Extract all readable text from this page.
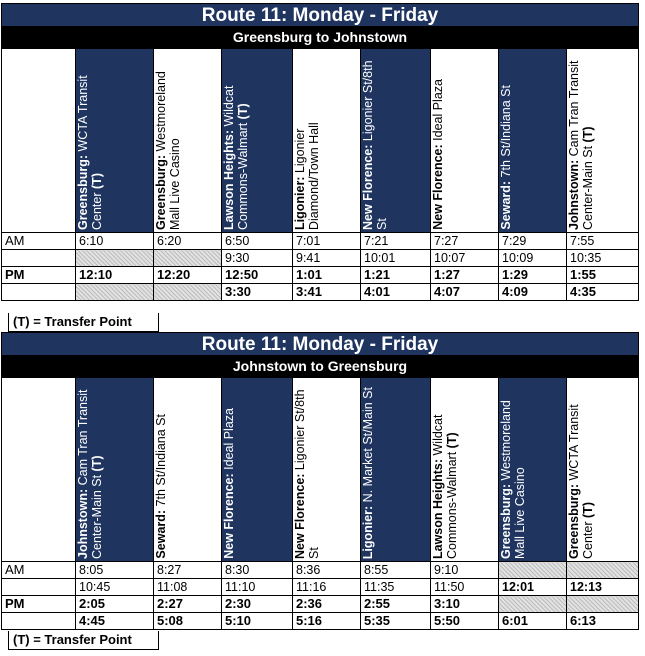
Route 11: Monday - Friday
Greensburg to Johnstown

	Greensburg: WCTA Transit Center (T)	Greensburg: Westmoreland Mall Live Casino	Lawson Heights: Wildcat Commons-Walmart (T)	Ligonier: Ligonier Diamond/Town Hall	New Florence: Ligonier St/8th St	New Florence: Ideal Plaza	Seward: 7th St/Indiana St	Johnstown: Cam Tran Transit Center-Main St (T)

AM	6:10	6:20	6:50	7:01	7:21	7:27	7:29	7:55
			9:30	9:41	10:01	10:07	10:09	10:35
PM	12:10	12:20	12:50	1:01	1:21	1:27	1:29	1:55
			3:30	3:41	4:01	4:07	4:09	4:35
(T) = Transfer Point
Route 11: Monday - Friday
Johnstown to Greensburg

	Johnstown: Cam Tran Transit Center-Main St (T)	Seward: 7th St/Indiana St	New Florence: Ideal Plaza	New Florence: Ligonier St/8th St	Ligonier: N. Market St/Main St	Lawson Heights: Wildcat Commons-Walmart (T)	Greensburg: Westmoreland Mall Live Casino	Greensburg: WCTA Transit Center (T)

AM	8:05	8:27	8:30	8:36	8:55	9:10		
	10:45	11:08	11:10	11:16	11:35	11:50	12:01	12:13
PM	2:05	2:27	2:30	2:36	2:55	3:10		
	4:45	5:08	5:10	5:16	5:35	5:50	6:01	6:13
(T) = Transfer Point
